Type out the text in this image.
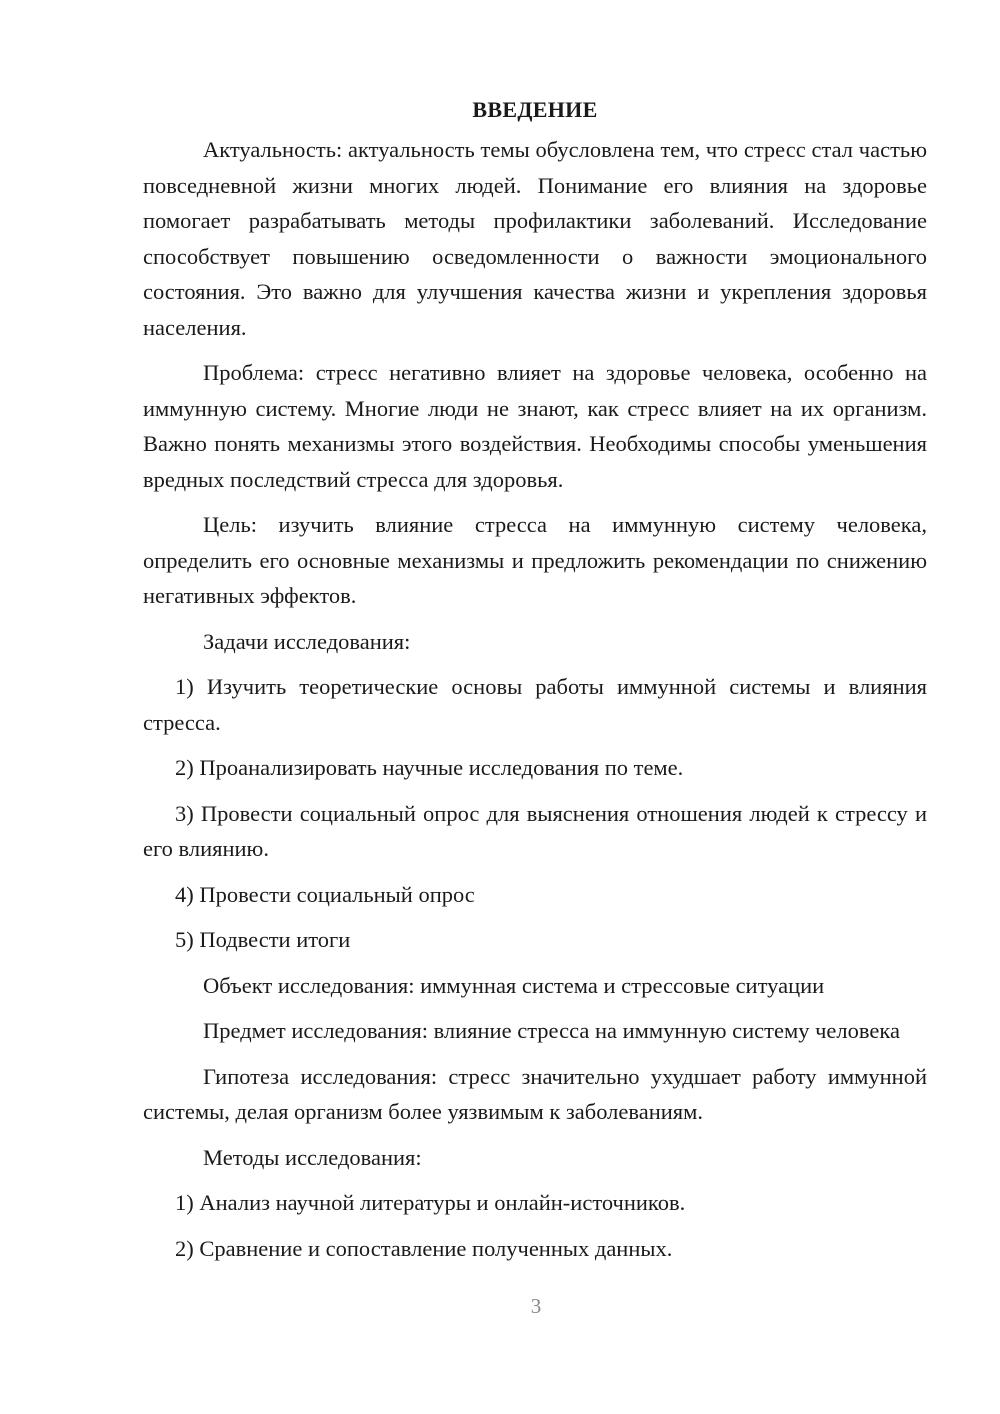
ВВЕДЕНИЕ

Актуальность: актуальность темы обусловлена тем, что стресс стал частью повседневной жизни многих людей. Понимание его влияния на здоровье помогает разрабатывать методы профилактики заболеваний. Исследование способствует повышению осведомленности о важности эмоционального состояния. Это важно для улучшения качества жизни и укрепления здоровья населения.

Проблема: стресс негативно влияет на здоровье человека, особенно на иммунную систему. Многие люди не знают, как стресс влияет на их организм. Важно понять механизмы этого воздействия. Необходимы способы уменьшения вредных последствий стресса для здоровья.

Цель: изучить влияние стресса на иммунную систему человека, определить его основные механизмы и предложить рекомендации по снижению негативных эффектов.

Задачи исследования:

1) Изучить теоретические основы работы иммунной системы и влияния стресса.

2) Проанализировать научные исследования по теме.

3) Провести социальный опрос для выяснения отношения людей к стрессу и его влиянию.

4) Провести социальный опрос

5) Подвести итоги

Объект исследования: иммунная система и стрессовые ситуации

Предмет исследования: влияние стресса на иммунную систему человека

Гипотеза исследования: стресс значительно ухудшает работу иммунной системы, делая организм более уязвимым к заболеваниям.

Методы исследования:

1) Анализ научной литературы и онлайн-источников.

2) Сравнение и сопоставление полученных данных.

3
